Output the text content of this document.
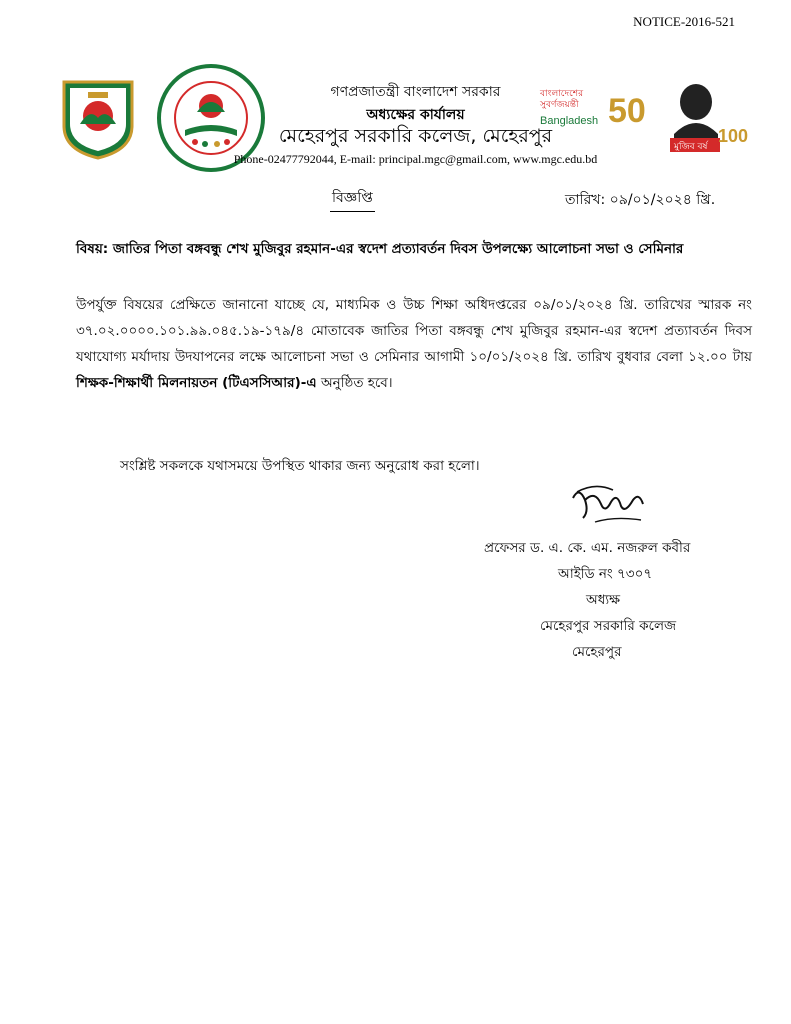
NOTICE-2016-521
বাংলাদেশের
সুবর্ণজয়ন্তী
Bangladesh 50
মুজিব বর্ষ
100
গণপ্রজাতন্ত্রী বাংলাদেশ সরকার
অধ্যক্ষের কার্যালয়
মেহেরপুর সরকারি কলেজ, মেহেরপুর
Phone-02477792044, E-mail: principal.mgc@gmail.com, www.mgc.edu.bd
বিজ্ঞপ্তি	তারিখ: ০৯/০১/২০২৪ খ্রি.
বিষয়: জাতির পিতা বঙ্গবন্ধু শেখ মুজিবুর রহমান-এর স্বদেশ প্রত্যাবর্তন দিবস উপলক্ষ্যে আলোচনা সভা ও সেমিনার
উপর্যুক্ত বিষয়ের প্রেক্ষিতে জানানো যাচ্ছে যে, মাধ্যমিক ও উচ্চ শিক্ষা অধিদপ্তরের ০৯/০১/২০২৪ খ্রি. তারিখের স্মারক নং ৩৭.০২.০০০০.১০১.৯৯.০৪৫.১৯-১৭৯/৪ মোতাবেক জাতির পিতা বঙ্গবন্ধু শেখ মুজিবুর রহমান-এর স্বদেশ প্রত্যাবর্তন দিবস যথাযোগ্য মর্যাদায় উদযাপনের লক্ষে আলোচনা সভা ও সেমিনার আগামী ১০/০১/২০২৪ খ্রি. তারিখ বুধবার বেলা ১২.০০ টায় শিক্ষক-শিক্ষার্থী মিলনায়তন (টিএসসিআর)-এ অনুষ্ঠিত হবে।
সংশ্লিষ্ট সকলকে যথাসময়ে উপস্থিত থাকার জন্য অনুরোধ করা হলো।
প্রফেসর ড. এ. কে. এম. নজরুল কবীর
আইডি নং ৭৩০৭
অধ্যক্ষ
মেহেরপুর সরকারি কলেজ
মেহেরপুর
